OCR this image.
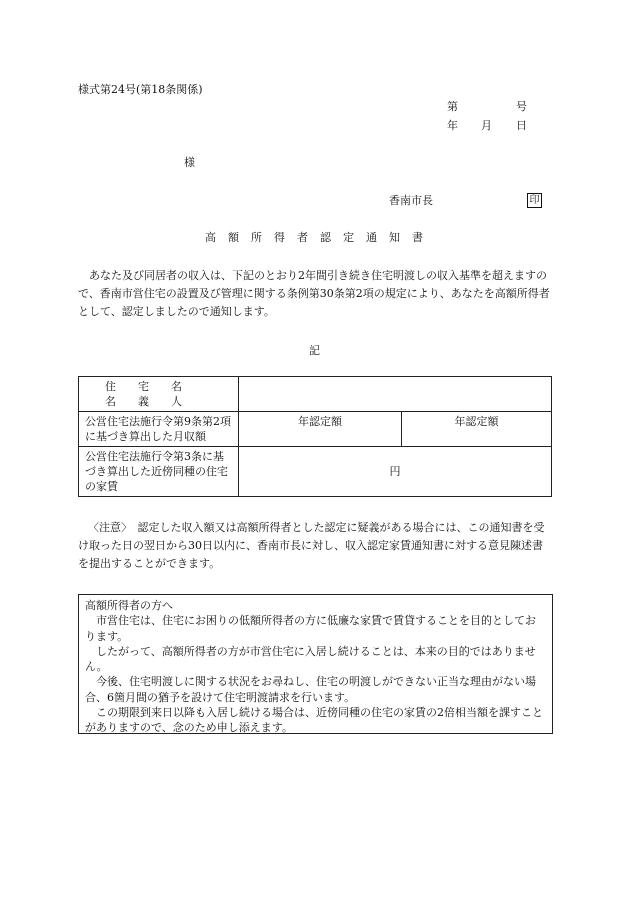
様式第24号(第18条関係)
第	号
年 月 日
様
香南市長	印
高額所得者認定通知書
あなた及び同居者の収入は、下記のとおり2年間引き続き住宅明渡しの収入基準を超えますので、香南市営住宅の設置及び管理に関する条例第30条第2項の規定により、あなたを高額所得者として、認定しましたので通知します。
記
住　　宅　　名
名　　義　　人		

公営住宅法施行令第9条第2項に基づき算出した月収額	年認定額	年認定額
公営住宅法施行令第3条に基づき算出した近傍同種の住宅の家賃	円	
〈注意〉　認定した収入額又は高額所得者とした認定に疑義がある場合には、この通知書を受け取った日の翌日から30日以内に、香南市長に対し、収入認定家賃通知書に対する意見陳述書を提出することができます。

高額所得者の方へ

市営住宅は、住宅にお困りの低額所得者の方に低廉な家賃で賃貸することを目的としております。

したがって、高額所得者の方が市営住宅に入居し続けることは、本来の目的ではありません。

今後、住宅明渡しに関する状況をお尋ねし、住宅の明渡しができない正当な理由がない場合、6箇月間の猶予を設けて住宅明渡請求を行います。

この期限到来日以降も入居し続ける場合は、近傍同種の住宅の家賃の2倍相当額を課すことがありますので、念のため申し添えます。
